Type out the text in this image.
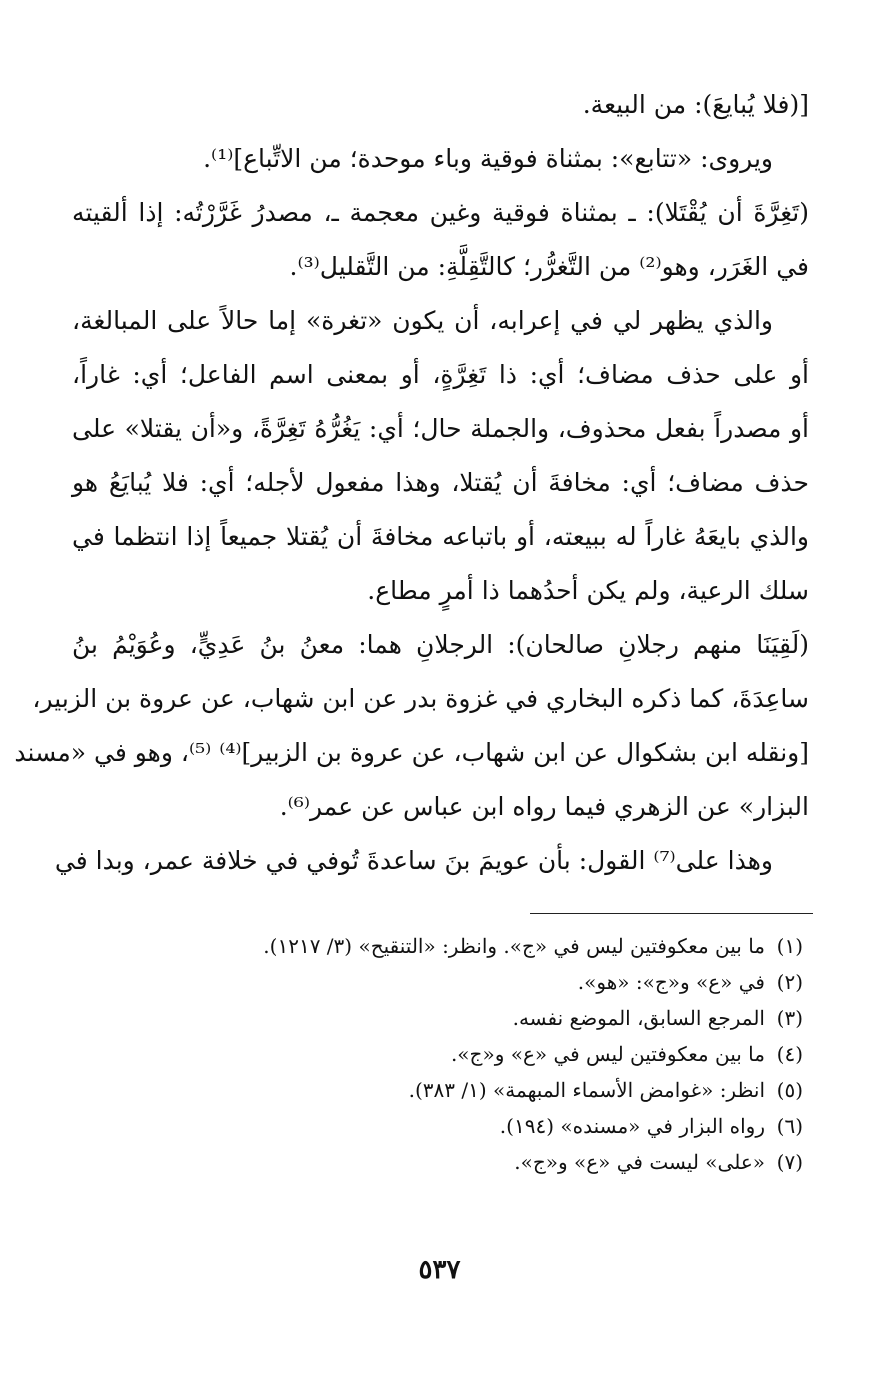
[(فلا يُبايعَ): من البيعة.
ويروى: «تتابع»: بمثناة فوقية وباء موحدة؛ من الاتِّباع]⁽¹⁾.
(تَغِرَّةَ أن يُقْتَلا): ـ بمثناة فوقية وغين معجمة ـ، مصدرُ غَرَّرْتُه: إذا ألقيته
في الغَرَر، وهو⁽²⁾ من التَّغرُّر؛ كالتَّقِلَّةِ: من التَّقليل⁽³⁾.
والذي يظهر لي في إعرابه، أن يكون «تغرة» إما حالاً على المبالغة،
أو على حذف مضاف؛ أي: ذا تَغِرَّةٍ، أو بمعنى اسم الفاعل؛ أي: غاراً،
أو مصدراً بفعل محذوف، والجملة حال؛ أي: يَغُرُّهُ تَغِرَّةً، و«أن يقتلا» على
حذف مضاف؛ أي: مخافةَ أن يُقتلا، وهذا مفعول لأجله؛ أي: فلا يُبايَعُ هو
والذي بايعَهُ غاراً له ببيعته، أو باتباعه مخافةَ أن يُقتلا جميعاً إذا انتظما في
سلك الرعية، ولم يكن أحدُهما ذا أمرٍ مطاع.
(لَقِيَنَا منهم رجلانِ صالحان): الرجلانِ هما: معنُ بنُ عَدِيٍّ، وعُوَيْمُ بنُ
ساعِدَةَ، كما ذكره البخاري في غزوة بدر عن ابن شهاب، عن عروة بن الزبير،
[ونقله ابن بشكوال عن ابن شهاب، عن عروة بن الزبير]⁽⁴⁾ ⁽⁵⁾، وهو في «مسند
البزار» عن الزهري فيما رواه ابن عباس عن عمر⁽⁶⁾.
وهذا على⁽⁷⁾ القول: بأن عويمَ بنَ ساعدةَ تُوفي في خلافة عمر، وبدا في
(١)ما بين معكوفتين ليس في «ج». وانظر: «التنقيح» (٣/ ١٢١٧).
(٢)في «ع» و«ج»: «هو».
(٣)المرجع السابق، الموضع نفسه.
(٤)ما بين معكوفتين ليس في «ع» و«ج».
(٥)انظر: «غوامض الأسماء المبهمة» (١/ ٣٨٣).
(٦)رواه البزار في «مسنده» (١٩٤).
(٧)«على» ليست في «ع» و«ج».
٥٣٧
